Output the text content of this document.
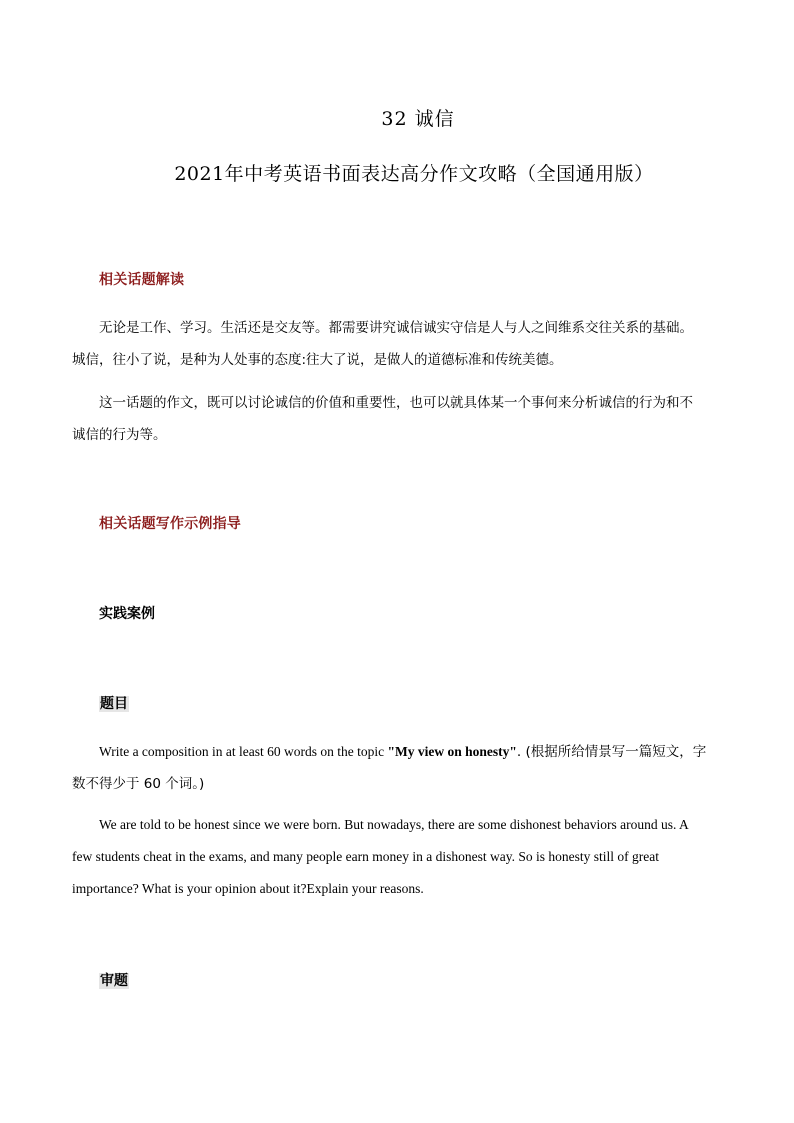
32 诚信
2021年中考英语书面表达高分作文攻略（全国通用版）
相关话题解读
无论是工作、学习。生活还是交友等。都需要讲究诚信诚实守信是人与人之间维系交往关系的基础。
城信，往小了说，是种为人处事的态度:往大了说，是做人的道德标准和传统美德。
这一话题的作文，既可以讨论诚信的价值和重要性，也可以就具体某一个事何来分析诚信的行为和不
诚信的行为等。
相关话题写作示例指导
实践案例
题目
Write a composition in at least 60 words on the topic "My view on honesty". (根据所给情景写一篇短文，字
数不得少于 60 个词。)
We are told to be honest since we were born. But nowadays, there are some dishonest behaviors around us. A
few students cheat in the exams, and many people earn money in a dishonest way. So is honesty still of great
importance? What is your opinion about it?Explain your reasons.
审题
